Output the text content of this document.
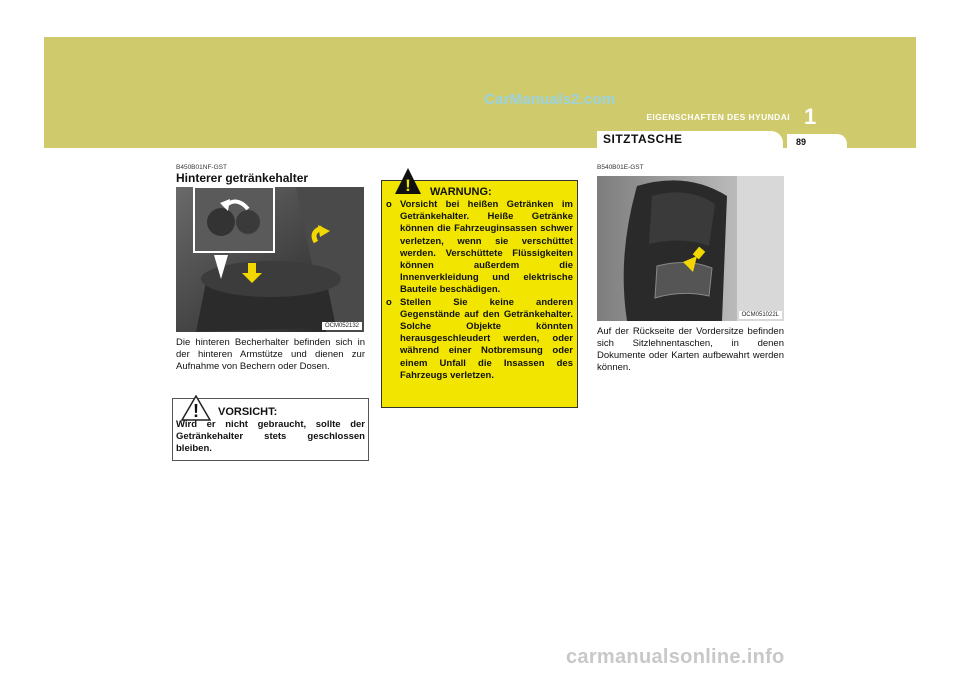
CarManuals2.com
EIGENSCHAFTEN DES HYUNDAI 1
SITZTASCHE	89
B450B01NF-GST
Hinterer getränkehalter
OCM052132
Die hinteren Becherhalter befinden sich in der hinteren Armstütze und dienen zur Aufnahme von Bechern oder Dosen.
! VORSICHT:
Wird er nicht gebraucht, sollte der Getränkehalter stets geschlossen bleiben.
! WARNUNG:
o Vorsicht bei heißen Getränken im Getränkehalter. Heiße Getränke können die Fahrzeuginsassen schwer verletzen, wenn sie verschüttet werden. Verschüttete Flüssigkeiten können außerdem die Innenverkleidung und elektrische Bauteile beschädigen.
o Stellen Sie keine anderen Gegenstände auf den Getränkehalter. Solche Objekte könnten herausgeschleudert werden, oder während einer Notbremsung oder einem Unfall die Insassen des Fahrzeugs verletzen.
B540B01E-GST
OCM051022L
Auf der Rückseite der Vordersitze befinden sich Sitzlehnentaschen, in denen Dokumente oder Karten aufbewahrt werden können.
carmanualsonline.info
